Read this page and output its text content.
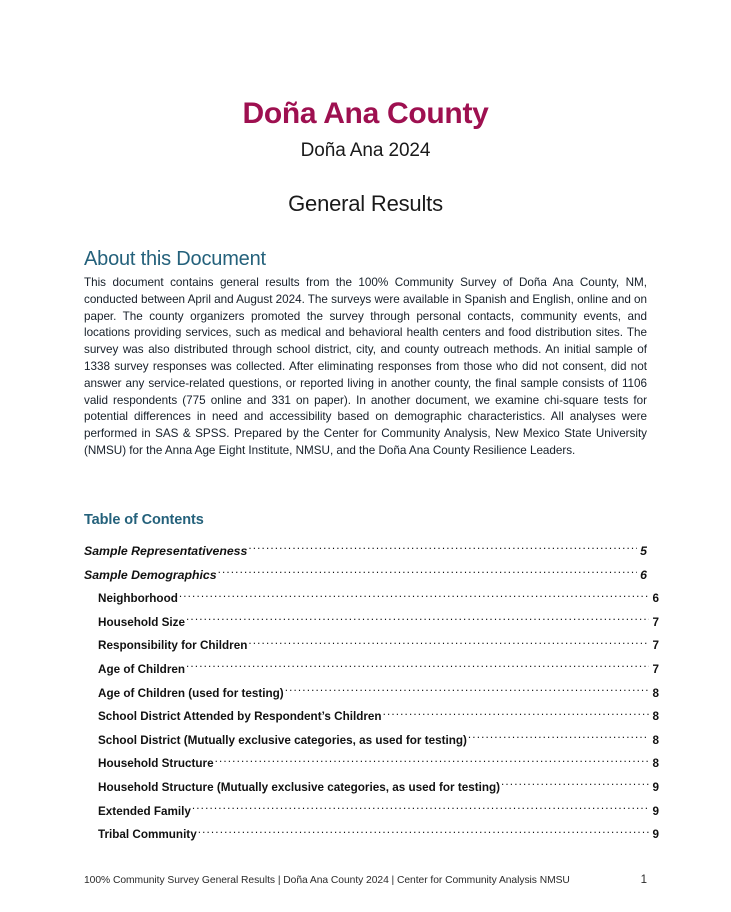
Doña Ana County
Doña Ana 2024
General Results
About this Document

This document contains general results from the 100% Community Survey of Doña Ana County, NM, conducted between April and August 2024. The surveys were available in Spanish and English, online and on paper. The county organizers promoted the survey through personal contacts, community events, and locations providing services, such as medical and behavioral health centers and food distribution sites. The survey was also distributed through school district, city, and county outreach methods. An initial sample of 1338 survey responses was collected. After eliminating responses from those who did not consent, did not answer any service-related questions, or reported living in another county, the final sample consists of 1106 valid respondents (775 online and 331 on paper). In another document, we examine chi-square tests for potential differences in need and accessibility based on demographic characteristics. All analyses were performed in SAS & SPSS. Prepared by the Center for Community Analysis, New Mexico State University (NMSU) for the Anna Age Eight Institute, NMSU, and the Doña Ana County Resilience Leaders.

Table of Contents
Sample Representativeness .....	5
Sample Demographics .....	6
Neighborhood .....	6
Household Size .....	7
Responsibility for Children .....	7
Age of Children .....	7
Age of Children (used for testing) .....	8
School District Attended by Respondent’s Children .....	8
School District (Mutually exclusive categories, as used for testing) .....	8
Household Structure .....	8
Household Structure (Mutually exclusive categories, as used for testing) .....	9
Extended Family .....	9
Tribal Community .....	9
100% Community Survey General Results | Doña Ana County 2024 | Center for Community Analysis NMSU	1
